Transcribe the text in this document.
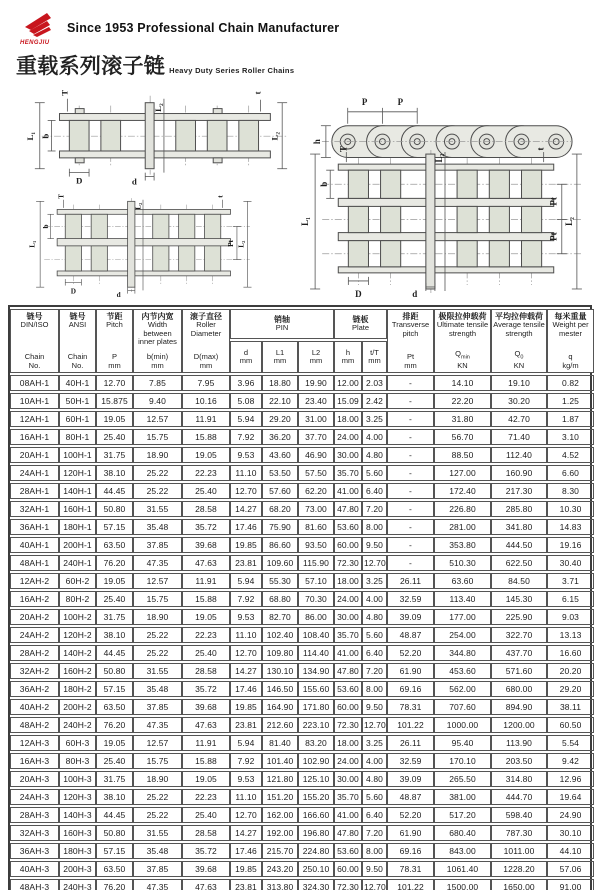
HENGJIU
Since 1953 Professional Chain Manufacturer
重载系列滚子链 Heavy Duty Series Roller Chains
T
L₁ b
L₂
t
L₂
D	d
P	P
h
T
L₁
b
L₂
t
Pt L₂
D	d
T
L₁
b
L₂
t
Pt
Pt
L₂
D	d
链号
DIN/ISO
Chain
No.

链号
ANSI
Chain
No.

节距
Pitch
P
mm

内节内宽
Width between inner plates
b(min)
mm

滚子直径
Roller Diameter
D(max)
mm

销轴
PIN

链板
Plate

排距
Transverse pitch
Pt
mm

极限拉伸载荷
Ultimate tensile strength
$Q_{min}$
KN

平均拉伸载荷
Average tensile strength
$Q_0$
KN

每米重量
Weight per mester
q
kg/m

d
mm

L1
mm

L2
mm

h
mm

t/T
mm

08AH-1	40H-1	12.70	7.85	7.95	3.96	18.80	19.90	12.00	2.03	-	14.10	19.10	0.82
10AH-1	50H-1	15.875	9.40	10.16	5.08	22.10	23.40	15.09	2.42	-	22.20	30.20	1.25
12AH-1	60H-1	19.05	12.57	11.91	5.94	29.20	31.00	18.00	3.25	-	31.80	42.70	1.87
16AH-1	80H-1	25.40	15.75	15.88	7.92	36.20	37.70	24.00	4.00	-	56.70	71.40	3.10
20AH-1	100H-1	31.75	18.90	19.05	9.53	43.60	46.90	30.00	4.80	-	88.50	112.40	4.52
24AH-1	120H-1	38.10	25.22	22.23	11.10	53.50	57.50	35.70	5.60	-	127.00	160.90	6.60
28AH-1	140H-1	44.45	25.22	25.40	12.70	57.60	62.20	41.00	6.40	-	172.40	217.30	8.30
32AH-1	160H-1	50.80	31.55	28.58	14.27	68.20	73.00	47.80	7.20	-	226.80	285.80	10.30
36AH-1	180H-1	57.15	35.48	35.72	17.46	75.90	81.60	53.60	8.00	-	281.00	341.80	14.83
40AH-1	200H-1	63.50	37.85	39.68	19.85	86.60	93.50	60.00	9.50	-	353.80	444.50	19.16
48AH-1	240H-1	76.20	47.35	47.63	23.81	109.60	115.90	72.30	12.70	-	510.30	622.50	30.40
12AH-2	60H-2	19.05	12.57	11.91	5.94	55.30	57.10	18.00	3.25	26.11	63.60	84.50	3.71
16AH-2	80H-2	25.40	15.75	15.88	7.92	68.80	70.30	24.00	4.00	32.59	113.40	145.30	6.15
20AH-2	100H-2	31.75	18.90	19.05	9.53	82.70	86.00	30.00	4.80	39.09	177.00	225.90	9.03
24AH-2	120H-2	38.10	25.22	22.23	11.10	102.40	108.40	35.70	5.60	48.87	254.00	322.70	13.13
28AH-2	140H-2	44.45	25.22	25.40	12.70	109.80	114.40	41.00	6.40	52.20	344.80	437.70	16.60
32AH-2	160H-2	50.80	31.55	28.58	14.27	130.10	134.90	47.80	7.20	61.90	453.60	571.60	20.20
36AH-2	180H-2	57.15	35.48	35.72	17.46	146.50	155.60	53.60	8.00	69.16	562.00	680.00	29.20
40AH-2	200H-2	63.50	37.85	39.68	19.85	164.90	171.80	60.00	9.50	78.31	707.60	894.90	38.11
48AH-2	240H-2	76.20	47.35	47.63	23.81	212.60	223.10	72.30	12.70	101.22	1000.00	1200.00	60.50
12AH-3	60H-3	19.05	12.57	11.91	5.94	81.40	83.20	18.00	3.25	26.11	95.40	113.90	5.54
16AH-3	80H-3	25.40	15.75	15.88	7.92	101.40	102.90	24.00	4.00	32.59	170.10	203.50	9.42
20AH-3	100H-3	31.75	18.90	19.05	9.53	121.80	125.10	30.00	4.80	39.09	265.50	314.80	12.96
24AH-3	120H-3	38.10	25.22	22.23	11.10	151.20	155.20	35.70	5.60	48.87	381.00	444.70	19.64
28AH-3	140H-3	44.45	25.22	25.40	12.70	162.00	166.60	41.00	6.40	52.20	517.20	598.40	24.90
32AH-3	160H-3	50.80	31.55	28.58	14.27	192.00	196.80	47.80	7.20	61.90	680.40	787.30	30.10
36AH-3	180H-3	57.15	35.48	35.72	17.46	215.70	224.80	53.60	8.00	69.16	843.00	1011.00	44.10
40AH-3	200H-3	63.50	37.85	39.68	19.85	243.20	250.10	60.00	9.50	78.31	1061.40	1228.20	57.06
48AH-3	240H-3	76.20	47.35	47.63	23.81	313.80	324.30	72.30	12.70	101.22	1500.00	1650.00	91.00
